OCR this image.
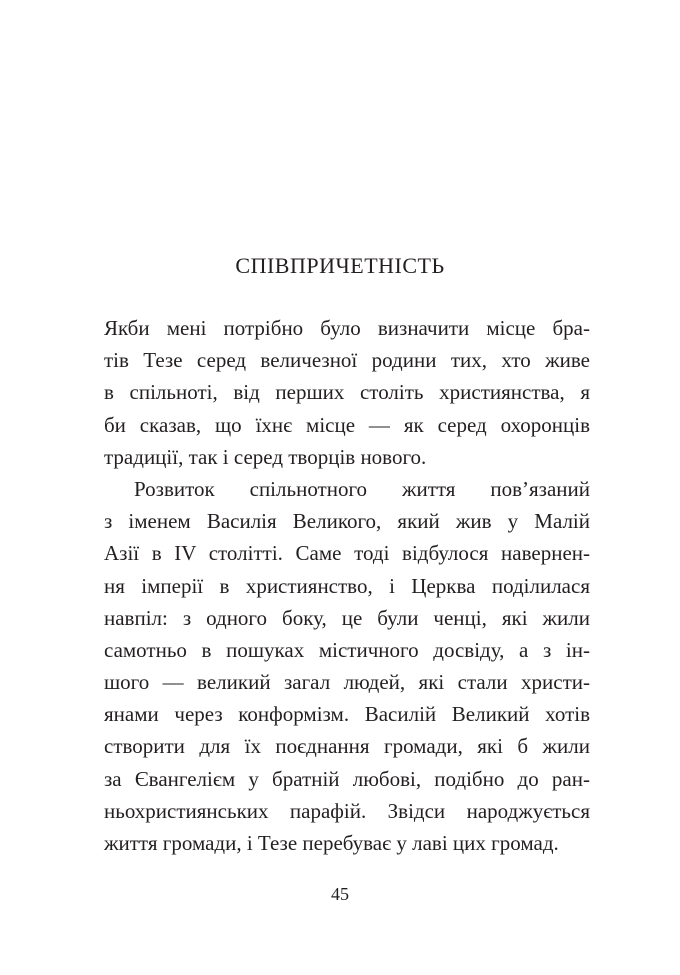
СПІВПРИЧЕТНІСТЬ
Якби мені потрібно було визначити місце бра-
тів Тезе серед величезної родини тих, хто живе
в спільноті, від перших століть християнства, я
би сказав, що їхнє місце — як серед охоронців
традиції, так і серед творців нового.
Розвиток спільнотного життя пов’язаний
з іменем Василія Великого, який жив у Малій
Азії в IV столітті. Саме тоді відбулося навернен-
ня імперії в християнство, і Церква поділилася
навпіл: з одного боку, це були ченці, які жили
самотньо в пошуках містичного досвіду, а з ін-
шого — великий загал людей, які стали христи-
янами через конформізм. Василій Великий хотів
створити для їх поєднання громади, які б жили
за Євангелієм у братній любові, подібно до ран-
ньохристиянських парафій. Звідси народжується
життя громади, і Тезе перебуває у лаві цих громад.
45
